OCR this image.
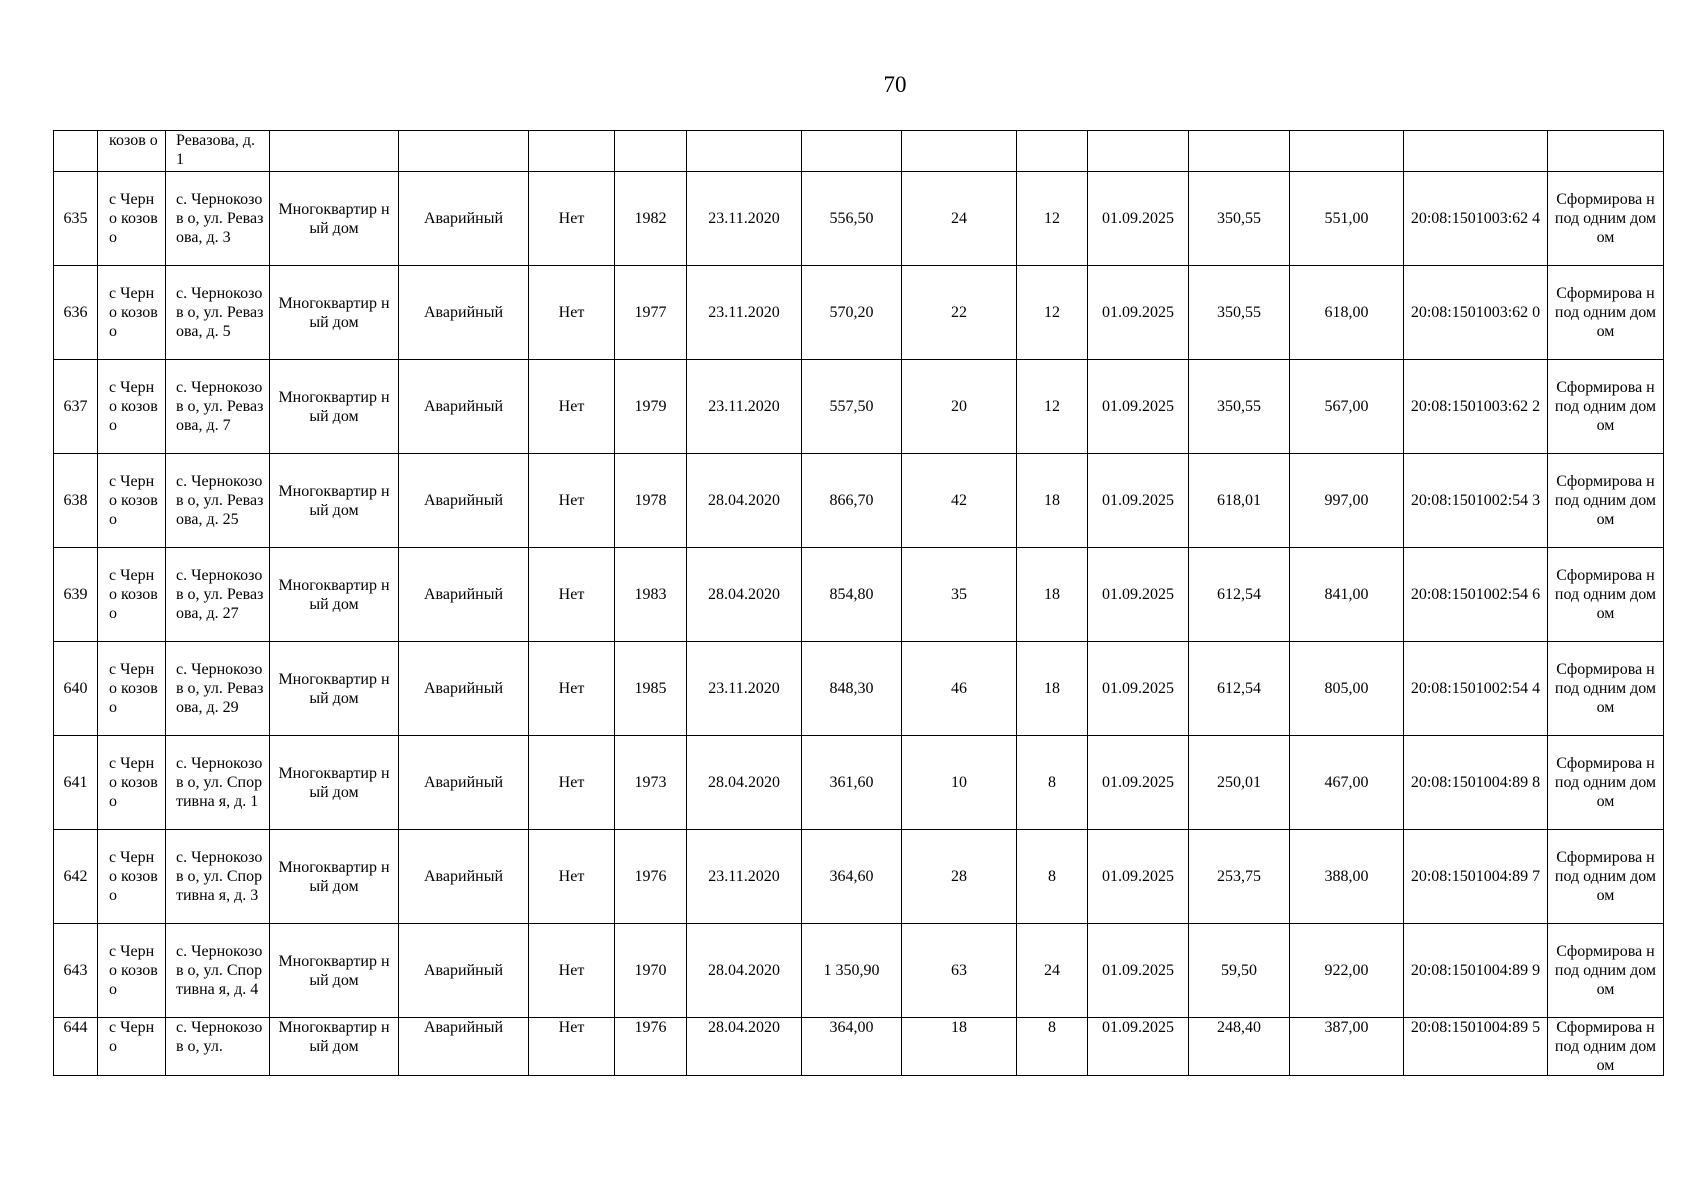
70
	козов о	Ревазова, д. 1													
635	с Черно козов о	с. Чернокозов о, ул. Ревазова, д. 3	Многоквартир ный дом	Аварийный	Нет	1982	23.11.2020	556,50	24	12	01.09.2025	350,55	551,00	20:08:1501003:62 4	Сформирова н под одним домом
636	с Черно козов о	с. Чернокозов о, ул. Ревазова, д. 5	Многоквартир ный дом	Аварийный	Нет	1977	23.11.2020	570,20	22	12	01.09.2025	350,55	618,00	20:08:1501003:62 0	Сформирова н под одним домом
637	с Черно козов о	с. Чернокозов о, ул. Ревазова, д. 7	Многоквартир ный дом	Аварийный	Нет	1979	23.11.2020	557,50	20	12	01.09.2025	350,55	567,00	20:08:1501003:62 2	Сформирова н под одним домом
638	с Черно козов о	с. Чернокозов о, ул. Ревазова, д. 25	Многоквартир ный дом	Аварийный	Нет	1978	28.04.2020	866,70	42	18	01.09.2025	618,01	997,00	20:08:1501002:54 3	Сформирова н под одним домом
639	с Черно козов о	с. Чернокозов о, ул. Ревазова, д. 27	Многоквартир ный дом	Аварийный	Нет	1983	28.04.2020	854,80	35	18	01.09.2025	612,54	841,00	20:08:1501002:54 6	Сформирова н под одним домом
640	с Черно козов о	с. Чернокозов о, ул. Ревазова, д. 29	Многоквартир ный дом	Аварийный	Нет	1985	23.11.2020	848,30	46	18	01.09.2025	612,54	805,00	20:08:1501002:54 4	Сформирова н под одним домом
641	с Черно козов о	с. Чернокозов о, ул. Спортивна я, д. 1	Многоквартир ный дом	Аварийный	Нет	1973	28.04.2020	361,60	10	8	01.09.2025	250,01	467,00	20:08:1501004:89 8	Сформирова н под одним домом
642	с Черно козов о	с. Чернокозов о, ул. Спортивна я, д. 3	Многоквартир ный дом	Аварийный	Нет	1976	23.11.2020	364,60	28	8	01.09.2025	253,75	388,00	20:08:1501004:89 7	Сформирова н под одним домом
643	с Черно козов о	с. Чернокозов о, ул. Спортивна я, д. 4	Многоквартир ный дом	Аварийный	Нет	1970	28.04.2020	1 350,90	63	24	01.09.2025	59,50	922,00	20:08:1501004:89 9	Сформирова н под одним домом
644	с Черно	с. Чернокозов о, ул.	Многоквартир ный дом	Аварийный	Нет	1976	28.04.2020	364,00	18	8	01.09.2025	248,40	387,00	20:08:1501004:89 5	Сформирова н под одним домом
